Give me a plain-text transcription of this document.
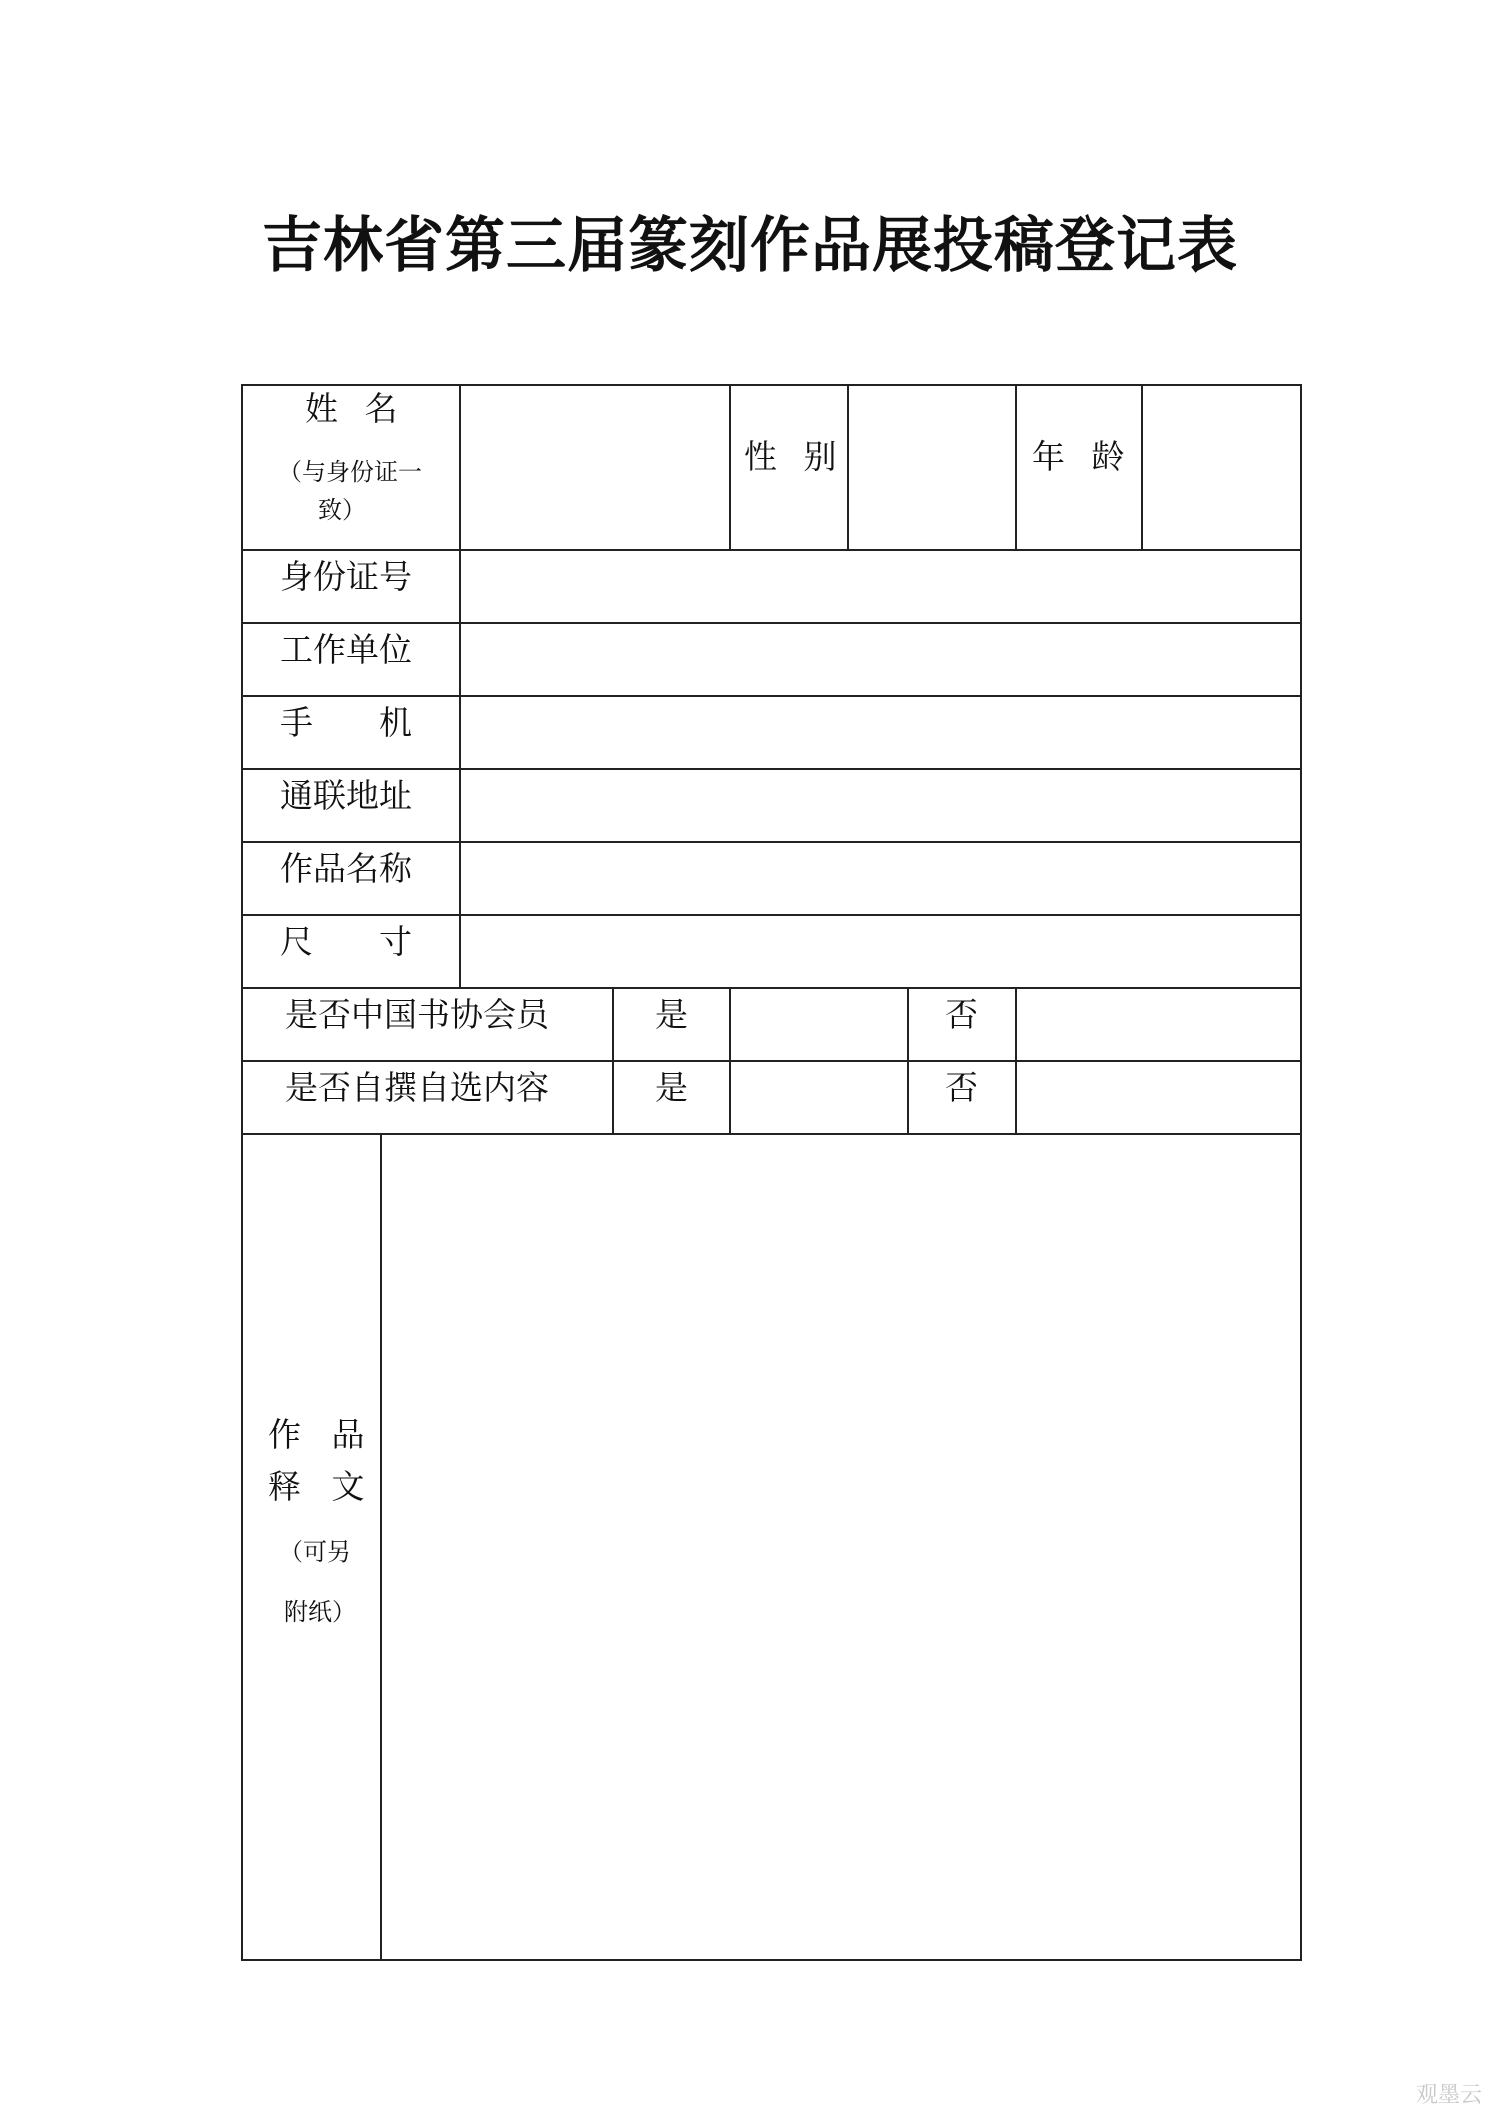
吉林省第三届篆刻作品展投稿登记表
姓 名
（与身份证一
致）
性 别	年 龄
身份证号
工作单位
手　　机
通联地址
作品名称
尺　　寸
是否中国书协会员	是	否
是否自撰自选内容	是	否
作 品
释 文
（可另
附纸）
观墨云
